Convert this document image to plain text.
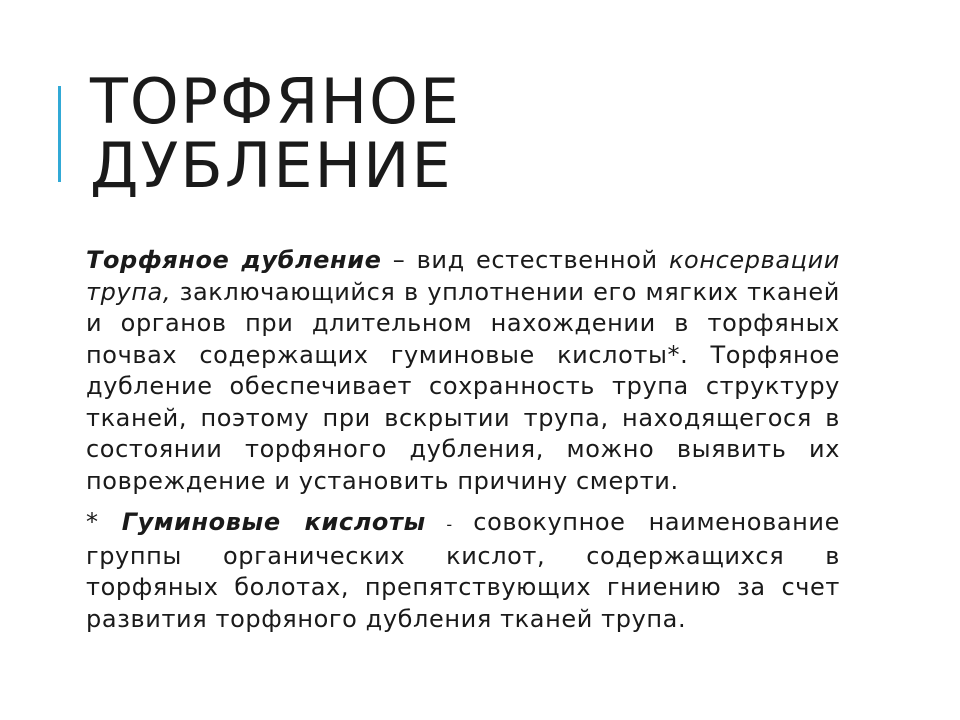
ТОРФЯНОЕ
ДУБЛЕНИЕ

Торфяное дубление – вид естественной консервации трупа, заключающийся в уплотнении его мягких тканей и органов при длительном нахождении в торфяных почвах содержащих гуминовые кислоты*. Торфяное дубление обеспечивает сохранность трупа структуру тканей, поэтому при вскрытии трупа, находящегося в состоянии торфяного дубления, можно выявить их повреждение и установить причину смерти.

* Гуминовые кислоты - совокупное наименование группы органических кислот, содержащихся в торфяных болотах, препятствующих гниению за счет развития торфяного дубления тканей трупа.
